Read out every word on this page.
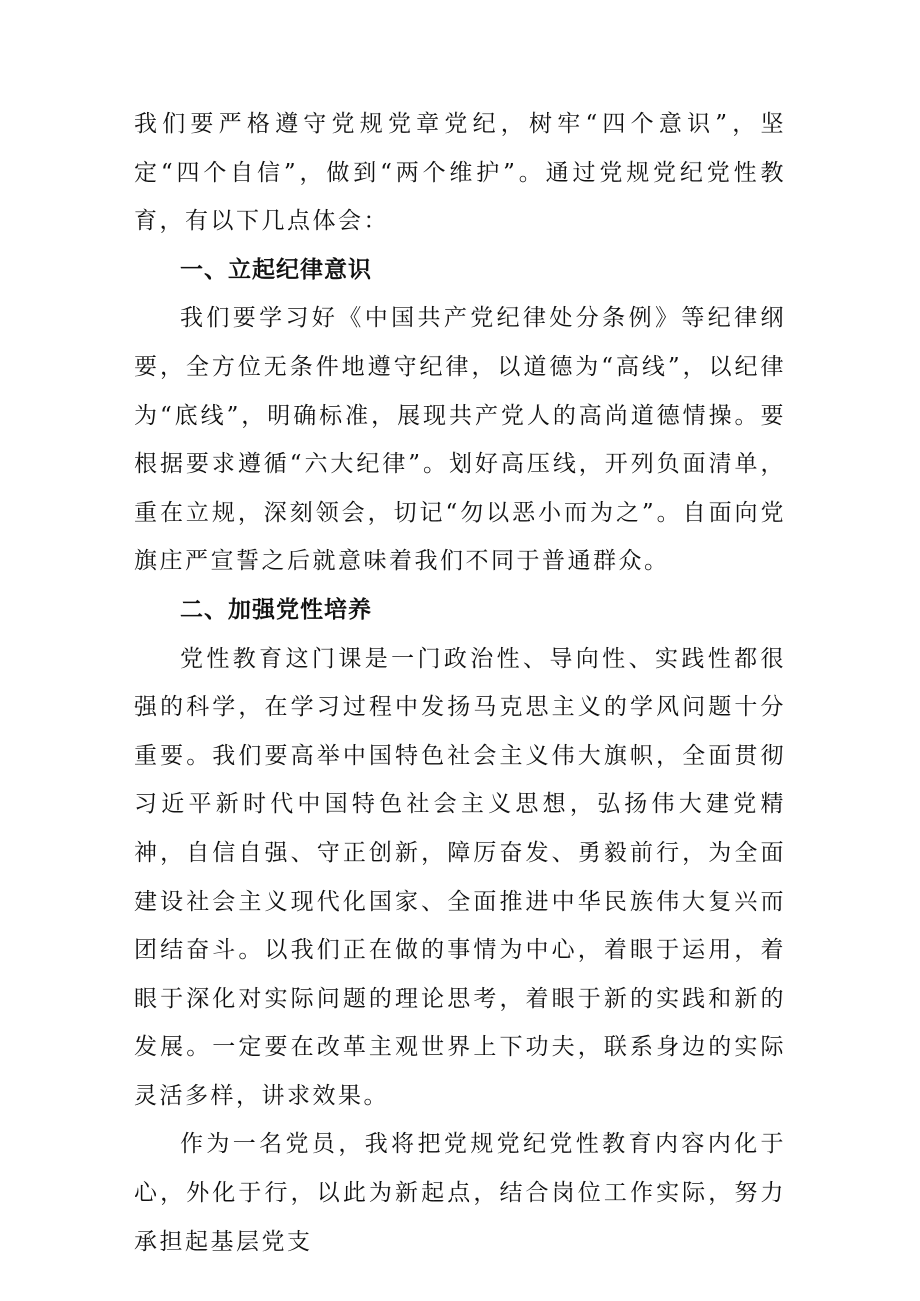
我们要严格遵守党规党章党纪，树牢“四个意识”，坚定“四个自信”，做到“两个维护”。通过党规党纪党性教育，有以下几点体会：

一、立起纪律意识

我们要学习好《中国共产党纪律处分条例》等纪律纲要，全方位无条件地遵守纪律，以道德为“高线”，以纪律为“底线”，明确标准，展现共产党人的高尚道德情操。要根据要求遵循“六大纪律”。划好高压线，开列负面清单，重在立规，深刻领会，切记“勿以恶小而为之”。自面向党旗庄严宣誓之后就意味着我们不同于普通群众。

二、加强党性培养

党性教育这门课是一门政治性、导向性、实践性都很强的科学，在学习过程中发扬马克思主义的学风问题十分重要。我们要高举中国特色社会主义伟大旗帜，全面贯彻习近平新时代中国特色社会主义思想，弘扬伟大建党精神，自信自强、守正创新，障厉奋发、勇毅前行，为全面建设社会主义现代化国家、全面推进中华民族伟大复兴而团结奋斗。以我们正在做的事情为中心，着眼于运用，着眼于深化对实际问题的理论思考，着眼于新的实践和新的发展。一定要在改革主观世界上下功夫，联系身边的实际灵活多样，讲求效果。

作为一名党员，我将把党规党纪党性教育内容内化于心，外化于行，以此为新起点，结合岗位工作实际，努力承担起基层党支
